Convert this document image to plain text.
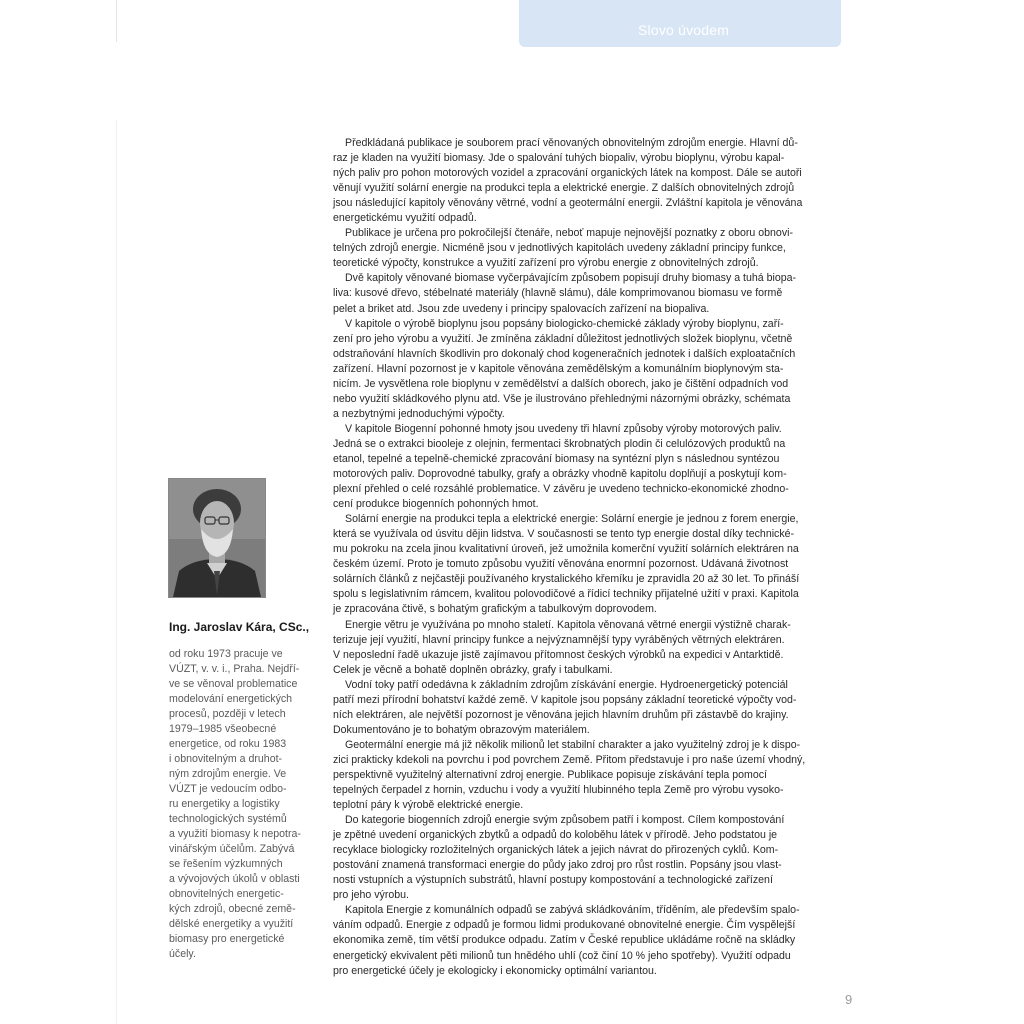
Slovo úvodem
Ing. Jaroslav Kára, CSc.,

od roku 1973 pracuje ve
VÚZT, v. v. i., Praha. Nejdří-
ve se věnoval problematice
modelování energetických
procesů, později v letech
1979–1985 všeobecné
energetice, od roku 1983
i obnovitelným a druhot-
ným zdrojům energie. Ve
VÚZT je vedoucím odbo-
ru energetiky a logistiky
technologických systémů
a využití biomasy k nepotra-
vinářským účelům. Zabývá
se řešením výzkumných
a vývojových úkolů v oblasti
obnovitelných energetic-
kých zdrojů, obecné země-
dělské energetiky a využití
biomasy pro energetické
účely.

Předkládaná publikace je souborem prací věnovaných obnovitelným zdrojům energie. Hlavní dů-
raz je kladen na využití biomasy. Jde o spalování tuhých biopaliv, výrobu bioplynu, výrobu kapal-
ných paliv pro pohon motorových vozidel a zpracování organických látek na kompost. Dále se autoři
věnují využití solární energie na produkci tepla a elektrické energie. Z dalších obnovitelných zdrojů
jsou následující kapitoly věnovány větrné, vodní a geotermální energii. Zvláštní kapitola je věnována
energetickému využití odpadů.

Publikace je určena pro pokročilejší čtenáře, neboť mapuje nejnovější poznatky z oboru obnovi-
telných zdrojů energie. Nicméně jsou v jednotlivých kapitolách uvedeny základní principy funkce,
teoretické výpočty, konstrukce a využití zařízení pro výrobu energie z obnovitelných zdrojů.

Dvě kapitoly věnované biomase vyčerpávajícím způsobem popisují druhy biomasy a tuhá biopa-
liva: kusové dřevo, stébelnaté materiály (hlavně slámu), dále komprimovanou biomasu ve formě
pelet a briket atd. Jsou zde uvedeny i principy spalovacích zařízení na biopaliva.

V kapitole o výrobě bioplynu jsou popsány biologicko-chemické základy výroby bioplynu, zaří-
zení pro jeho výrobu a využití. Je zmíněna základní důležitost jednotlivých složek bioplynu, včetně
odstraňování hlavních škodlivin pro dokonalý chod kogeneračních jednotek i dalších exploatačních
zařízení. Hlavní pozornost je v kapitole věnována zemědělským a komunálním bioplynovým sta-
nicím. Je vysvětlena role bioplynu v zemědělství a dalších oborech, jako je čištění odpadních vod
nebo využití skládkového plynu atd. Vše je ilustrováno přehlednými názornými obrázky, schémata
a nezbytnými jednoduchými výpočty.

V kapitole Biogenní pohonné hmoty jsou uvedeny tři hlavní způsoby výroby motorových paliv.
Jedná se o extrakci bioolejе z olejnin, fermentaci škrobnatých plodin či celulózových produktů na
etanol, tepelné a tepelně-chemické zpracování biomasy na syntézní plyn s následnou syntézou
motorových paliv. Doprovodné tabulky, grafy a obrázky vhodně kapitolu doplňují a poskytují kom-
plexní přehled o celé rozsáhlé problematice. V závěru je uvedeno technicko-ekonomické zhodno-
cení produkce biogenních pohonných hmot.

Solární energie na produkci tepla a elektrické energie: Solární energie je jednou z forem energie,
která se využívala od úsvitu dějin lidstva. V současnosti se tento typ energie dostal díky techniсké-
mu pokroku na zcela jinou kvalitativní úroveň, jež umožnila komerční využití solárních elektráren na
českém území. Proto je tomuto způsobu využití věnována enormní pozornost. Udávaná životnost
solárních článků z nejčastěji používaného krystalického křemíku je zpravidla 20 až 30 let. To přináší
spolu s legislativním rámcem, kvalitou polovodičové a řídicí techniky přijatelné užití v praxi. Kapitola
je zpracována čtivě, s bohatým grafickým a tabulkovým doprovodem.

Energie větru je využívána po mnoho staletí. Kapitola věnovaná větrné energii výstižně charak-
terizuje její využití, hlavní principy funkce a nejvýznamnější typy vyráběných větrných elektráren.
V neposlední řadě ukazuje jistě zajímavou přítomnost českých výrobků na expedici v Antarktidě.
Celek je věcně a bohatě doplněn obrázky, grafy i tabulkami.

Vodní toky patří odedávna k základním zdrojům získávání energie. Hydroenergetický potenciál
patří mezi přírodní bohatství každé země. V kapitole jsou popsány základní teoretické výpočty vod-
ních elektráren, ale největší pozornost je věnována jejich hlavním druhům při zástavbě do krajiny.
Dokumentováno je to bohatým obrazovým materiálem.

Geotermální energie má již několik milionů let stabilní charakter a jako využitelný zdroj je k dispo-
zici prakticky kdekoli na povrchu i pod povrchem Země. Přitom představuje i pro naše území vhodný,
perspektivně využitelný alternativní zdroj energie. Publikace popisuje získávání tepla pomocí
tepelných čerpadel z hornin, vzduchu i vody a využití hlubinného tepla Země pro výrobu vysoko-
teplotní páry k výrobě elektrické energie.

Do kategorie biogenních zdrojů energie svým způsobem patří i kompost. Cílem kompostování
je zpětné uvedení organických zbytků a odpadů do koloběhu látek v přírodě. Jeho podstatou je
recyklace biologicky rozložitelných organických látek a jejich návrat do přirozených cyklů. Kom-
postování znamená transformaci energie do půdy jako zdroj pro růst rostlin. Popsány jsou vlast-
nosti vstupních a výstupních substrátů, hlavní postupy kompostování a technologické zařízení
pro jeho výrobu.

Kapitola Energie z komunálních odpadů se zabývá skládkováním, tříděním, ale především spalo-
váním odpadů. Energie z odpadů je formou lidmi produkované obnovitelné energie. Čím vyspělejší
ekonomika země, tím větší produkce odpadu. Zatím v České republice ukládáme ročně na skládky
energetický ekvivalent pěti milionů tun hnědého uhlí (což činí 10 % jeho spotřeby). Využití odpadu
pro energetické účely je ekologicky i ekonomicky optimální variantou.

9
